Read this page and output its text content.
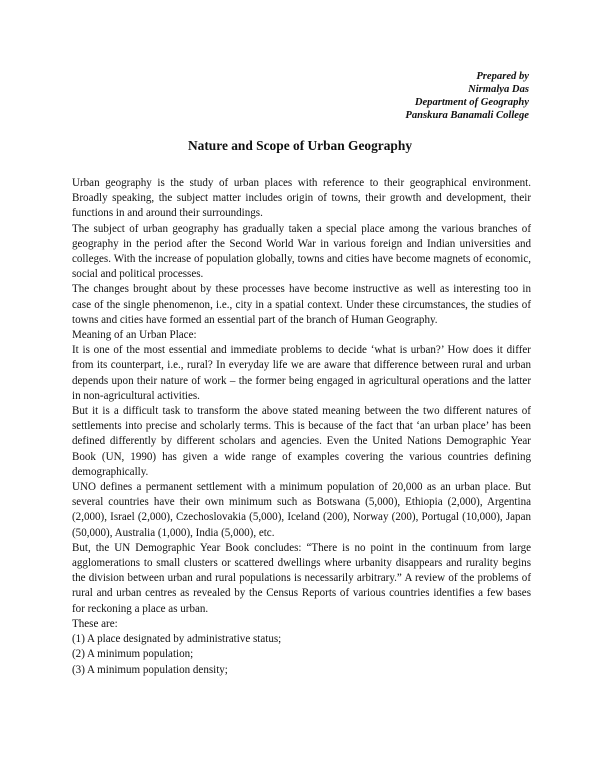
Prepared by
Nirmalya Das
Department of Geography
Panskura Banamali College
Nature and Scope of Urban Geography

Urban geography is the study of urban places with reference to their geographical environment. Broadly speaking, the subject matter includes origin of towns, their growth and development, their functions in and around their surroundings.

The subject of urban geography has gradually taken a special place among the various branches of geography in the period after the Second World War in various foreign and Indian universities and colleges. With the increase of population globally, towns and cities have become magnets of economic, social and political processes.

The changes brought about by these processes have become instructive as well as interesting too in case of the single phenomenon, i.e., city in a spatial context. Under these circumstances, the studies of towns and cities have formed an essential part of the branch of Human Geography.

Meaning of an Urban Place:

It is one of the most essential and immediate problems to decide ‘what is urban?’ How does it differ from its counterpart, i.e., rural? In everyday life we are aware that difference between rural and urban depends upon their nature of work – the former being engaged in agricultural operations and the latter in non-agricultural activities.

But it is a difficult task to transform the above stated meaning between the two different natures of settlements into precise and scholarly terms. This is because of the fact that ‘an urban place’ has been defined differently by different scholars and agencies. Even the United Nations Demographic Year Book (UN, 1990) has given a wide range of examples covering the various countries defining demographically.

UNO defines a permanent settlement with a minimum population of 20,000 as an urban place. But several countries have their own minimum such as Botswana (5,000), Ethiopia (2,000), Argentina (2,000), Israel (2,000), Czechoslovakia (5,000), Iceland (200), Norway (200), Portugal (10,000), Japan (50,000), Australia (1,000), India (5,000), etc.

But, the UN Demographic Year Book concludes: “There is no point in the continuum from large agglomerations to small clusters or scattered dwellings where urbanity disappears and rurality begins the division between urban and rural populations is necessarily arbitrary.” A review of the problems of rural and urban centres as revealed by the Census Reports of various countries identifies a few bases for reckoning a place as urban.

These are:

(1) A place designated by administrative status;

(2) A minimum population;

(3) A minimum population density;
